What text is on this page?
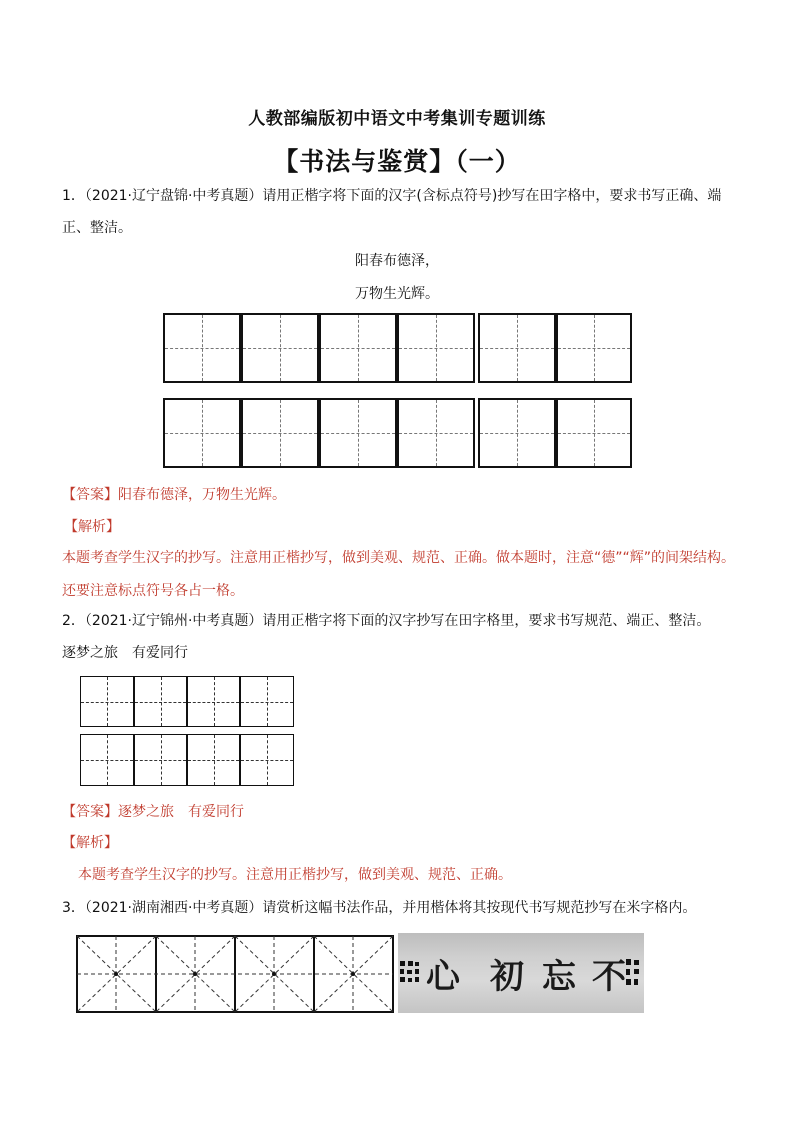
人教部编版初中语文中考集训专题训练
【书法与鉴赏】（一）
1．（2021·辽宁盘锦·中考真题）请用正楷字将下面的汉字(含标点符号)抄写在田字格中，要求书写正确、端
正、整洁。
阳春布德泽，
万物生光辉。
【答案】阳春布德泽，万物生光辉。
【解析】
本题考查学生汉字的抄写。注意用正楷抄写，做到美观、规范、正确。做本题时，注意“德”“辉”的间架结构。
还要注意标点符号各占一格。
2．（2021·辽宁锦州·中考真题）请用正楷字将下面的汉字抄写在田字格里，要求书写规范、端正、整洁。
逐梦之旅　有爱同行
【答案】逐梦之旅　有爱同行
【解析】
本题考查学生汉字的抄写。注意用正楷抄写，做到美观、规范、正确。
3．（2021·湖南湘西·中考真题）请赏析这幅书法作品，并用楷体将其按现代书写规范抄写在米字格内。
心 初 忘 不
